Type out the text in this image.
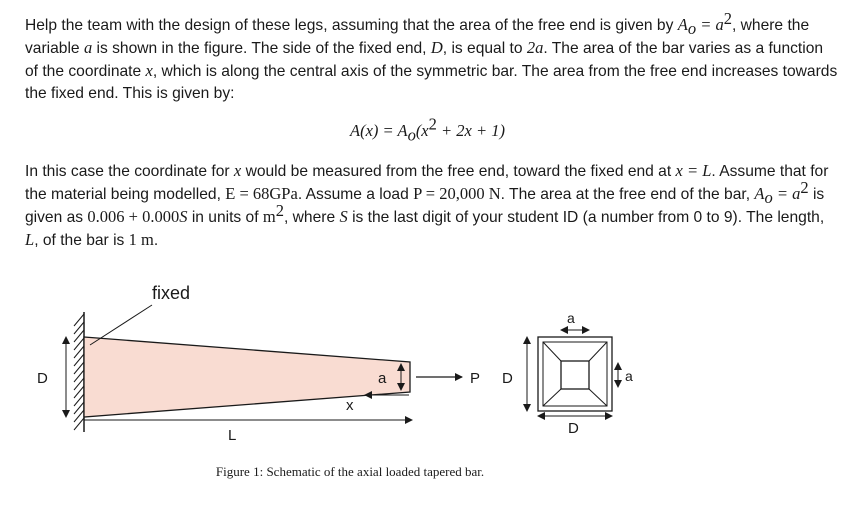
Help the team with the design of these legs, assuming that the area of the free end is given by $A_o = a^2$, where the variable a is shown in the figure. The side of the fixed end, D, is equal to 2a. The area of the bar varies as a function of the coordinate x, which is along the central axis of the symmetric bar. The area from the free end increases towards the fixed end. This is given by:

$A(x) = A_o(x^2 + 2x + 1)$

In this case the coordinate for x would be measured from the free end, toward the fixed end at x = L. Assume that for the material being modelled, E = 68GPa. Assume a load P = 20,000 N. The area at the free end of the bar, $A_o = a^2$ is given as 0.006 + 0.000S in units of $m^2$, where S is the last digit of your student ID (a number from 0 to 9). The length, L, of the bar is 1 m.

fixed
D	a	P
x
L
D
a
a
D
Figure 1: Schematic of the axial loaded tapered bar.
